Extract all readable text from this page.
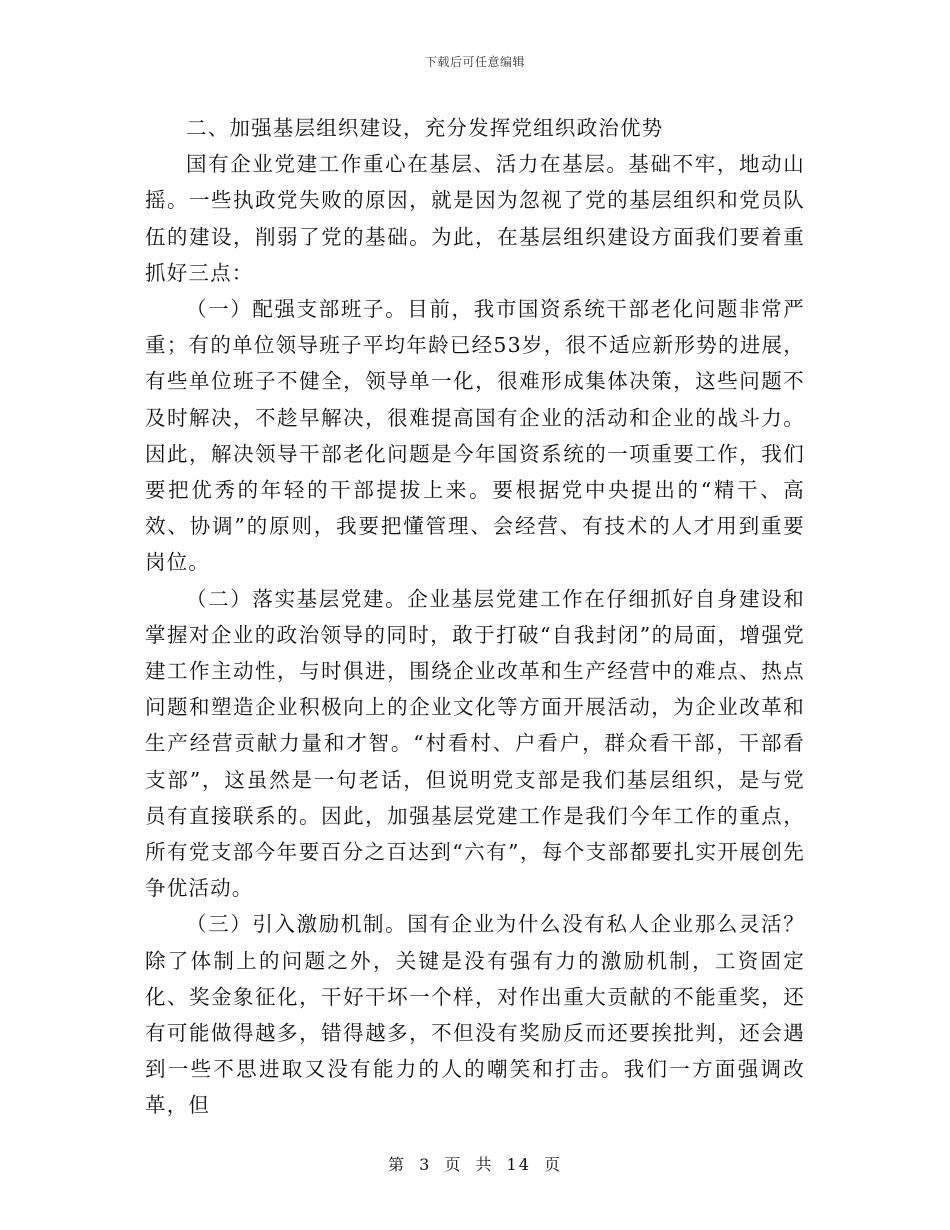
下载后可任意编辑

二、加强基层组织建设，充分发挥党组织政治优势

国有企业党建工作重心在基层、活力在基层。基础不牢，地动山摇。一些执政党失败的原因，就是因为忽视了党的基层组织和党员队伍的建设，削弱了党的基础。为此，在基层组织建设方面我们要着重抓好三点：

（一）配强支部班子。目前，我市国资系统干部老化问题非常严重；有的单位领导班子平均年龄已经53岁，很不适应新形势的进展，有些单位班子不健全，领导单一化，很难形成集体决策，这些问题不及时解决，不趁早解决，很难提高国有企业的活动和企业的战斗力。因此，解决领导干部老化问题是今年国资系统的一项重要工作，我们要把优秀的年轻的干部提拔上来。要根据党中央提出的“精干、高效、协调”的原则，我要把懂管理、会经营、有技术的人才用到重要岗位。

（二）落实基层党建。企业基层党建工作在仔细抓好自身建设和掌握对企业的政治领导的同时，敢于打破“自我封闭”的局面，增强党建工作主动性，与时俱进，围绕企业改革和生产经营中的难点、热点问题和塑造企业积极向上的企业文化等方面开展活动，为企业改革和生产经营贡献力量和才智。“村看村、户看户，群众看干部，干部看支部”，这虽然是一句老话，但说明党支部是我们基层组织，是与党员有直接联系的。因此，加强基层党建工作是我们今年工作的重点，所有党支部今年要百分之百达到“六有”，每个支部都要扎实开展创先争优活动。

（三）引入激励机制。国有企业为什么没有私人企业那么灵活？除了体制上的问题之外，关键是没有强有力的激励机制，工资固定化、奖金象征化，干好干坏一个样，对作出重大贡献的不能重奖，还有可能做得越多，错得越多，不但没有奖励反而还要挨批判，还会遇到一些不思进取又没有能力的人的嘲笑和打击。我们一方面强调改革，但

第 3 页 共 14 页
